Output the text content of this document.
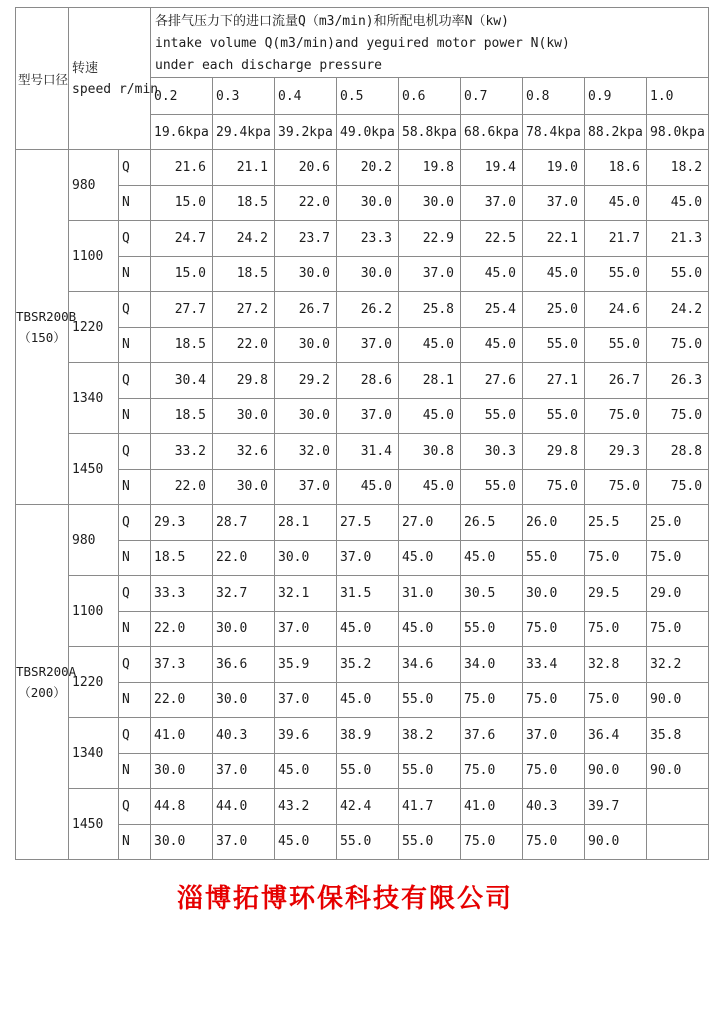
型号口径	
转速
speed r/min

各排气压力下的进口流量Q（m3/min)和所配电机功率N（kw)
intake volume Q(m3/min)and yeguired motor power N(kw)
under each discharge pressure

			0.2	0.3	0.4	0.5	0.6	0.7	0.8	0.9	1.0
			19.6kpa	29.4kpa	39.2kpa	49.0kpa	58.8kpa	68.6kpa	78.4kpa	88.2kpa	98.0kpa

TBSR200B
（150）	980	Q	21.6	21.1	20.6	20.2	19.8	19.4	19.0	18.6	18.2
		N	15.0	18.5	22.0	30.0	30.0	37.0	37.0	45.0	45.0
	1100	Q	24.7	24.2	23.7	23.3	22.9	22.5	22.1	21.7	21.3
		N	15.0	18.5	30.0	30.0	37.0	45.0	45.0	55.0	55.0
	1220	Q	27.7	27.2	26.7	26.2	25.8	25.4	25.0	24.6	24.2
		N	18.5	22.0	30.0	37.0	45.0	45.0	55.0	55.0	75.0
	1340	Q	30.4	29.8	29.2	28.6	28.1	27.6	27.1	26.7	26.3
		N	18.5	30.0	30.0	37.0	45.0	55.0	55.0	75.0	75.0
	1450	Q	33.2	32.6	32.0	31.4	30.8	30.3	29.8	29.3	28.8
		N	22.0	30.0	37.0	45.0	45.0	55.0	75.0	75.0	75.0

TBSR200A
（200）	980	Q	29.3	28.7	28.1	27.5	27.0	26.5	26.0	25.5	25.0
		N	18.5	22.0	30.0	37.0	45.0	45.0	55.0	75.0	75.0
	1100	Q	33.3	32.7	32.1	31.5	31.0	30.5	30.0	29.5	29.0
		N	22.0	30.0	37.0	45.0	45.0	55.0	75.0	75.0	75.0
	1220	Q	37.3	36.6	35.9	35.2	34.6	34.0	33.4	32.8	32.2
		N	22.0	30.0	37.0	45.0	55.0	75.0	75.0	75.0	90.0
	1340	Q	41.0	40.3	39.6	38.9	38.2	37.6	37.0	36.4	35.8
		N	30.0	37.0	45.0	55.0	55.0	75.0	75.0	90.0	90.0
	1450	Q	44.8	44.0	43.2	42.4	41.7	41.0	40.3	39.7	
		N	30.0	37.0	45.0	55.0	55.0	75.0	75.0	90.0	
淄博拓博环保科技有限公司
